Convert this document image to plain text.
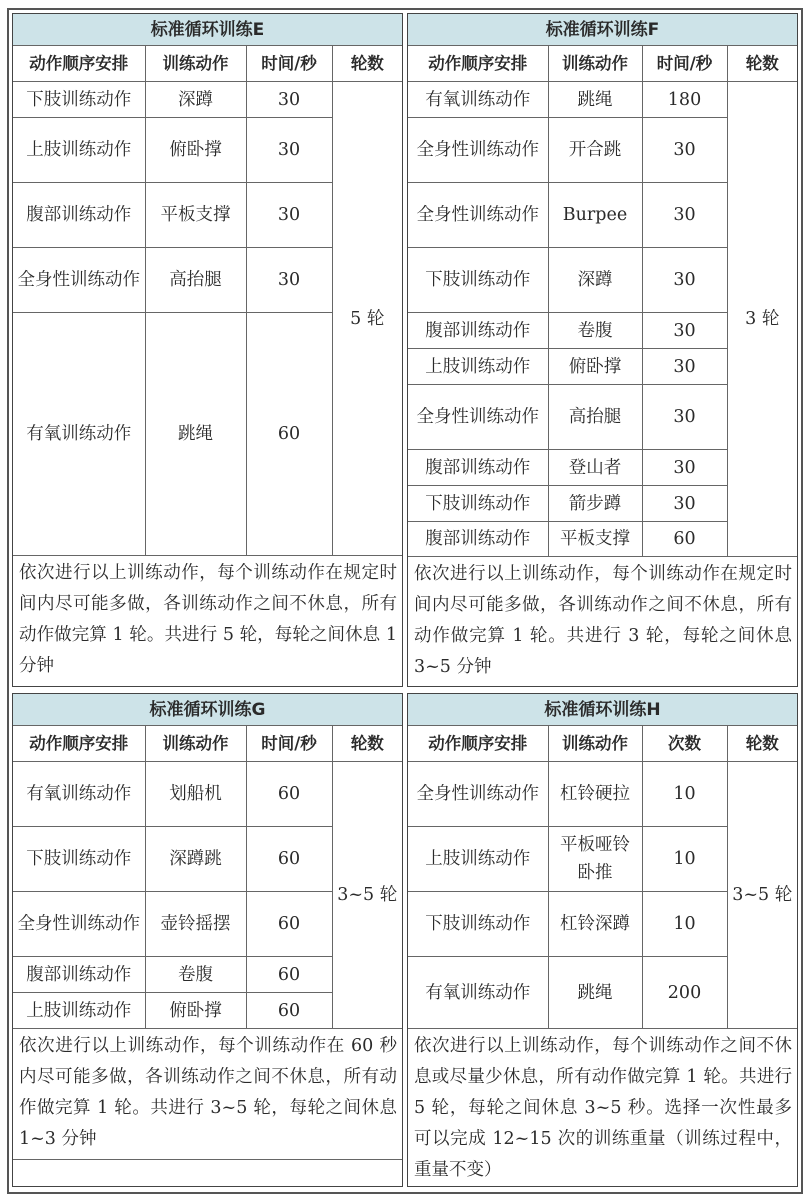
标准循环训练E			
动作顺序安排	训练动作	时间/秒	轮数
下肢训练动作	深蹲	30	5 轮
上肢训练动作	俯卧撑	30	
腹部训练动作	平板支撑	30	
全身性训练动作	高抬腿	30	
有氧训练动作	跳绳	60	
依次进行以上训练动作，每个训练动作在规定时间内尽可能多做，各训练动作之间不休息，所有动作做完算 1 轮。共进行 5 轮，每轮之间休息 1 分钟			
标准循环训练F			
动作顺序安排	训练动作	时间/秒	轮数
有氧训练动作	跳绳	180	3 轮
全身性训练动作	开合跳	30	
全身性训练动作	Burpee	30	
下肢训练动作	深蹲	30	
腹部训练动作	卷腹	30	
上肢训练动作	俯卧撑	30	
全身性训练动作	高抬腿	30	
腹部训练动作	登山者	30	
下肢训练动作	箭步蹲	30	
腹部训练动作	平板支撑	60	
依次进行以上训练动作，每个训练动作在规定时间内尽可能多做，各训练动作之间不休息，所有动作做完算 1 轮。共进行 3 轮，每轮之间休息 3~5 分钟			
标准循环训练G			
动作顺序安排	训练动作	时间/秒	轮数
有氧训练动作	划船机	60	3~5 轮
下肢训练动作	深蹲跳	60	
全身性训练动作	壶铃摇摆	60	
腹部训练动作	卷腹	60	
上肢训练动作	俯卧撑	60	
依次进行以上训练动作，每个训练动作在 60 秒内尽可能多做，各训练动作之间不休息，所有动作做完算 1 轮。共进行 3~5 轮，每轮之间休息 1~3 分钟			
标准循环训练H			
动作顺序安排	训练动作	次数	轮数
全身性训练动作	杠铃硬拉	10	3~5 轮
上肢训练动作	平板哑铃卧推	10	
下肢训练动作	杠铃深蹲	10	
有氧训练动作	跳绳	200	
依次进行以上训练动作，每个训练动作之间不休息或尽量少休息，所有动作做完算 1 轮。共进行 5 轮，每轮之间休息 3~5 秒。选择一次性最多可以完成 12~15 次的训练重量（训练过程中，重量不变）			
